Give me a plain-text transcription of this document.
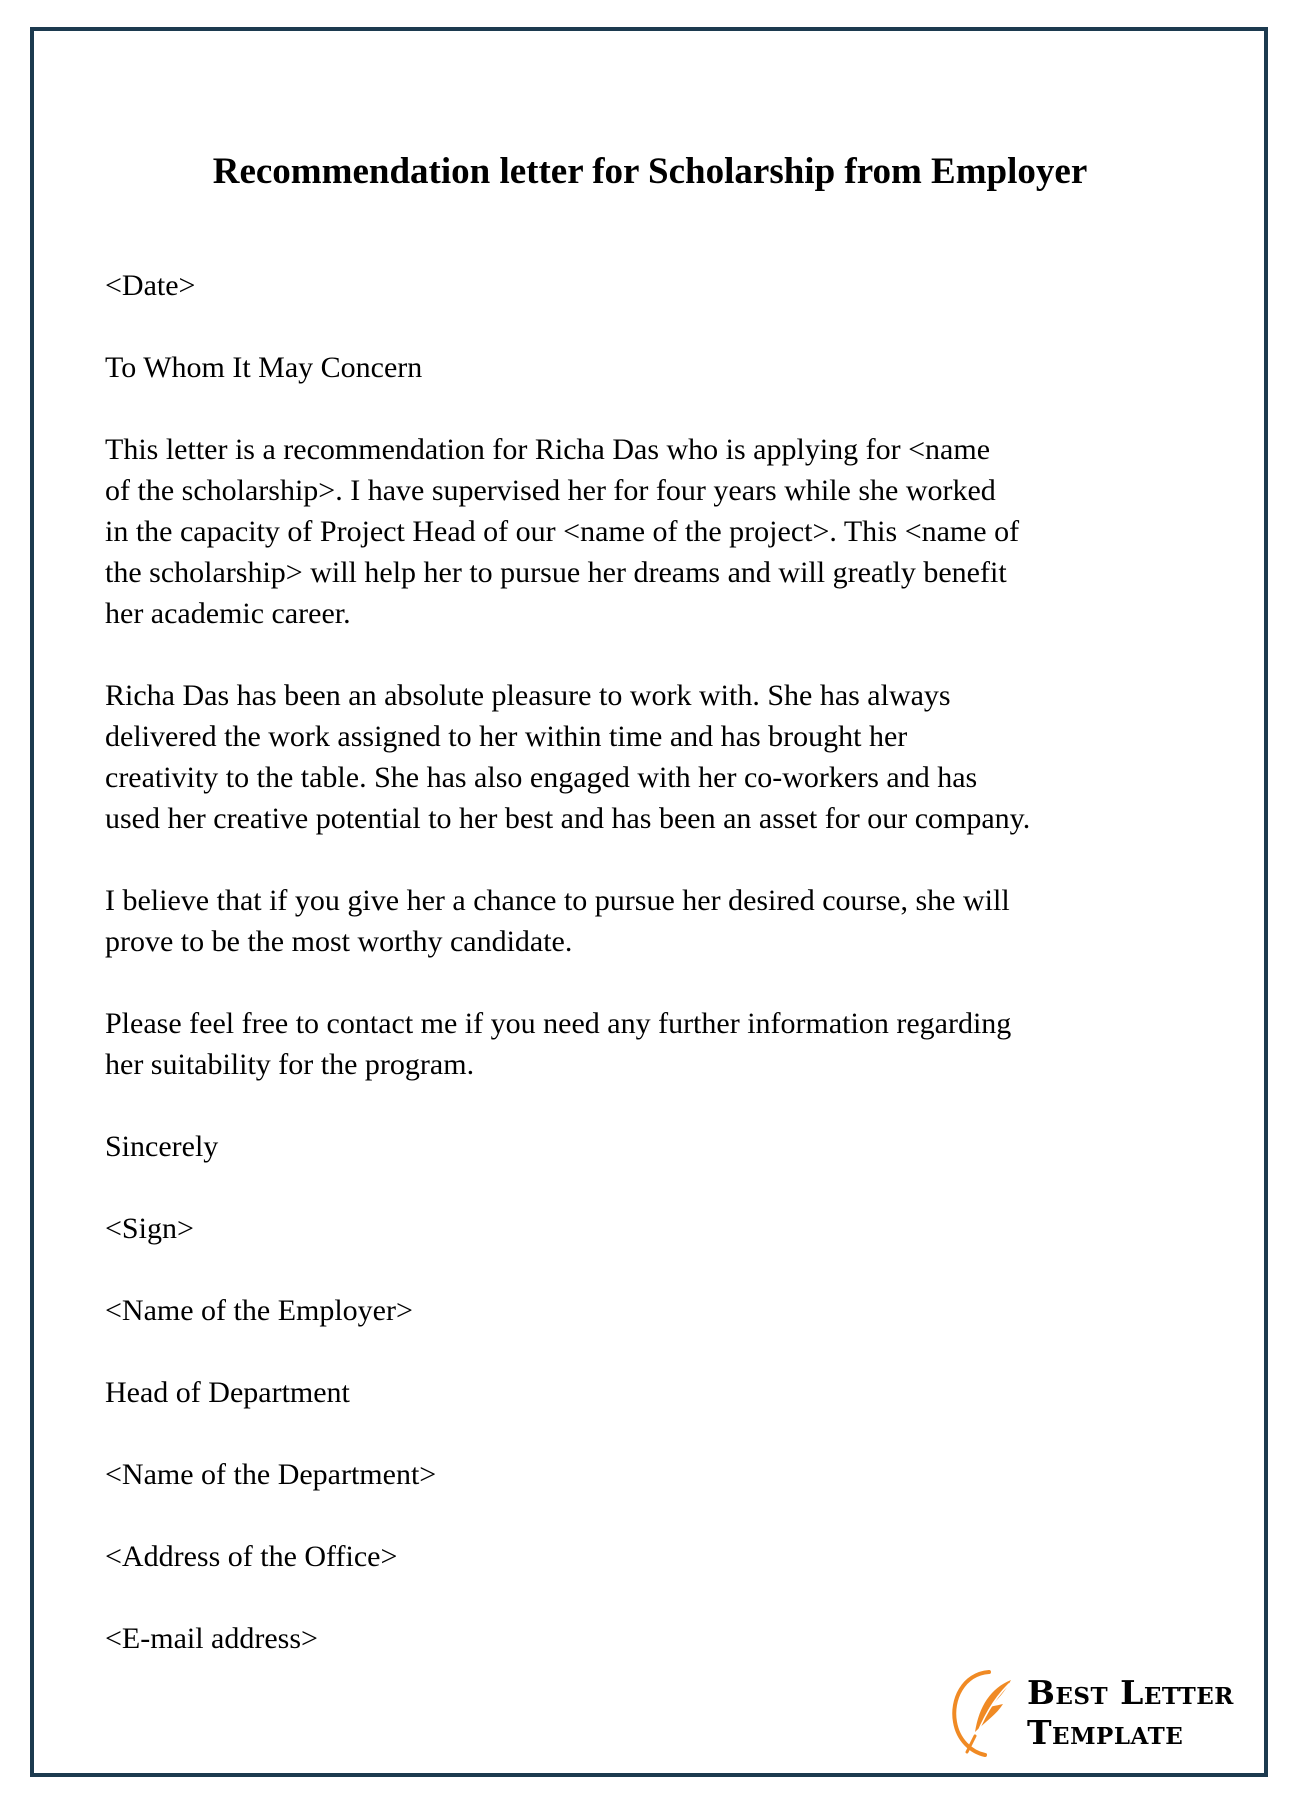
Recommendation letter for Scholarship from Employer

<Date>

To Whom It May Concern

This letter is a recommendation for Richa Das who is applying for <name
of the scholarship>. I have supervised her for four years while she worked
in the capacity of Project Head of our <name of the project>. This <name of
the scholarship> will help her to pursue her dreams and will greatly benefit
her academic career.

Richa Das has been an absolute pleasure to work with. She has always
delivered the work assigned to her within time and has brought her
creativity to the table. She has also engaged with her co-workers and has
used her creative potential to her best and has been an asset for our company.

I believe that if you give her a chance to pursue her desired course, she will
prove to be the most worthy candidate.

Please feel free to contact me if you need any further information regarding
her suitability for the program.

Sincerely

<Sign>

<Name of the Employer>

Head of Department

<Name of the Department>

<Address of the Office>

<E-mail address>

Best Letter
Template
